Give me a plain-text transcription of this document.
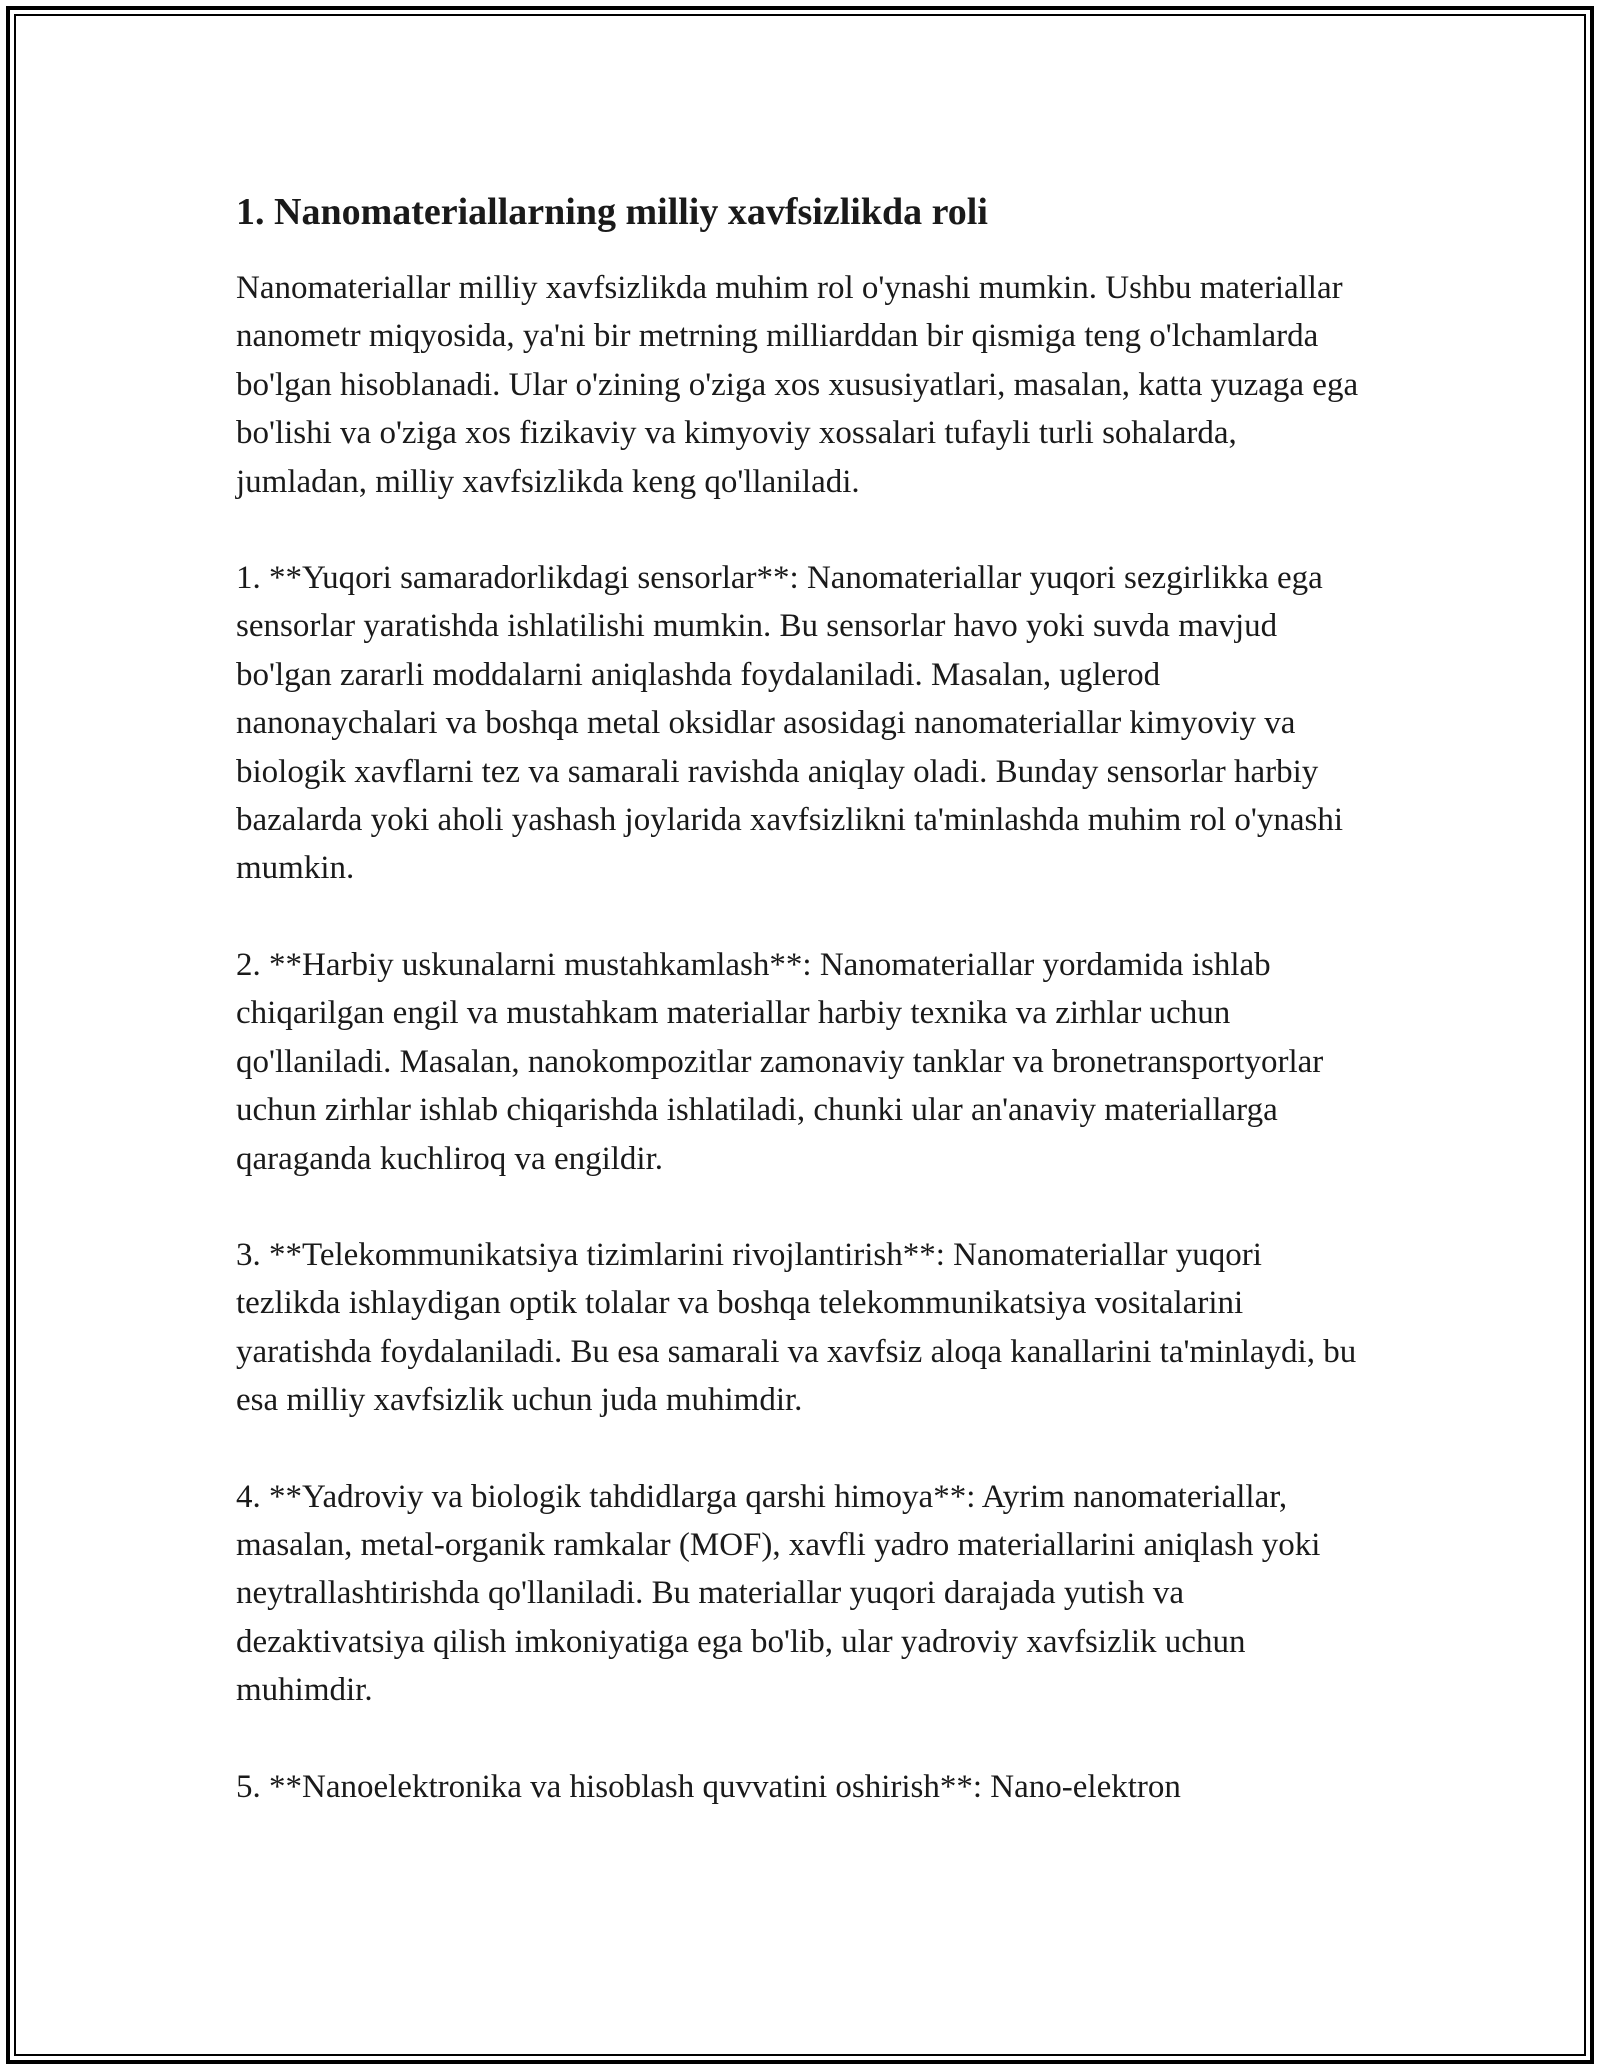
1. Nanomateriallarning milliy xavfsizlikda roli

Nanomateriallar milliy xavfsizlikda muhim rol o'ynashi mumkin. Ushbu materiallar nanometr miqyosida, ya'ni bir metrning milliarddan bir qismiga teng o'lchamlarda bo'lgan hisoblanadi. Ular o'zining o'ziga xos xususiyatlari, masalan, katta yuzaga ega bo'lishi va o'ziga xos fizikaviy va kimyoviy xossalari tufayli turli sohalarda, jumladan, milliy xavfsizlikda keng qo'llaniladi.

1. **Yuqori samaradorlikdagi sensorlar**: Nanomateriallar yuqori sezgirlikka ega sensorlar yaratishda ishlatilishi mumkin. Bu sensorlar havo yoki suvda mavjud bo'lgan zararli moddalarni aniqlashda foydalaniladi. Masalan, uglerod nanonaychalari va boshqa metal oksidlar asosidagi nanomateriallar kimyoviy va biologik xavflarni tez va samarali ravishda aniqlay oladi. Bunday sensorlar harbiy bazalarda yoki aholi yashash joylarida xavfsizlikni ta'minlashda muhim rol o'ynashi mumkin.

2. **Harbiy uskunalarni mustahkamlash**: Nanomateriallar yordamida ishlab chiqarilgan engil va mustahkam materiallar harbiy texnika va zirhlar uchun qo'llaniladi. Masalan, nanokompozitlar zamonaviy tanklar va bronetransportyorlar uchun zirhlar ishlab chiqarishda ishlatiladi, chunki ular an'anaviy materiallarga qaraganda kuchliroq va engildir.

3. **Telekommunikatsiya tizimlarini rivojlantirish**: Nanomateriallar yuqori tezlikda ishlaydigan optik tolalar va boshqa telekommunikatsiya vositalarini yaratishda foydalaniladi. Bu esa samarali va xavfsiz aloqa kanallarini ta'minlaydi, bu esa milliy xavfsizlik uchun juda muhimdir.

4. **Yadroviy va biologik tahdidlarga qarshi himoya**: Ayrim nanomateriallar, masalan, metal-organik ramkalar (MOF), xavfli yadro materiallarini aniqlash yoki neytrallashtirishda qo'llaniladi. Bu materiallar yuqori darajada yutish va dezaktivatsiya qilish imkoniyatiga ega bo'lib, ular yadroviy xavfsizlik uchun muhimdir.

5. **Nanoelektronika va hisoblash quvvatini oshirish**: Nano-elektron
